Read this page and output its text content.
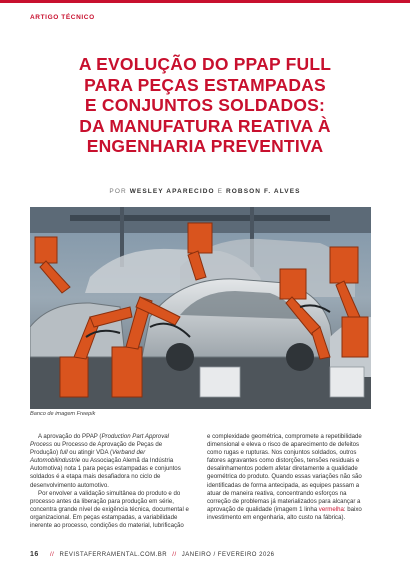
ARTIGO TÉCNICO
A EVOLUÇÃO DO PPAP FULL
PARA PEÇAS ESTAMPADAS
E CONJUNTOS SOLDADOS:
DA MANUFATURA REATIVA À
ENGENHARIA PREVENTIVA
POR WESLEY APARECIDO E ROBSON F. ALVES
Banco de imagem Freepik

A aprovação do PPAP (Production Part Approval Process ou Processo de Aprovação de Peças de Produção) full ou atingir VDA (Verband der Automobilindustrie ou Associação Alemã da Indústria Automotiva) nota 1 para peças estampadas e conjuntos soldados é a etapa mais desafiadora no ciclo de desenvolvimento automotivo.

Por envolver a validação simultânea do produto e do processo antes da liberação para produção em série, concentra grande nível de exigência técnica, documental e organizacional. Em peças estampadas, a variabilidade inerente ao processo, condições do material, lubrificação

e complexidade geométrica, compromete a repetibilidade dimensional e eleva o risco de aparecimento de defeitos como rugas e rupturas. Nos conjuntos soldados, outros fatores agravantes como distorções, tensões residuais e desalinhamentos podem afetar diretamente a qualidade geométrica do produto. Quando essas variações não são identificadas de forma antecipada, as equipes passam a atuar de maneira reativa, concentrando esforços na correção de problemas já materializados para alcançar a aprovação de qualidade (imagem 1 linha vermelha: baixo investimento em engenharia, alto custo na fábrica).

16 // REVISTAFERRAMENTAL.COM.BR // JANEIRO / FEVEREIRO 2026
